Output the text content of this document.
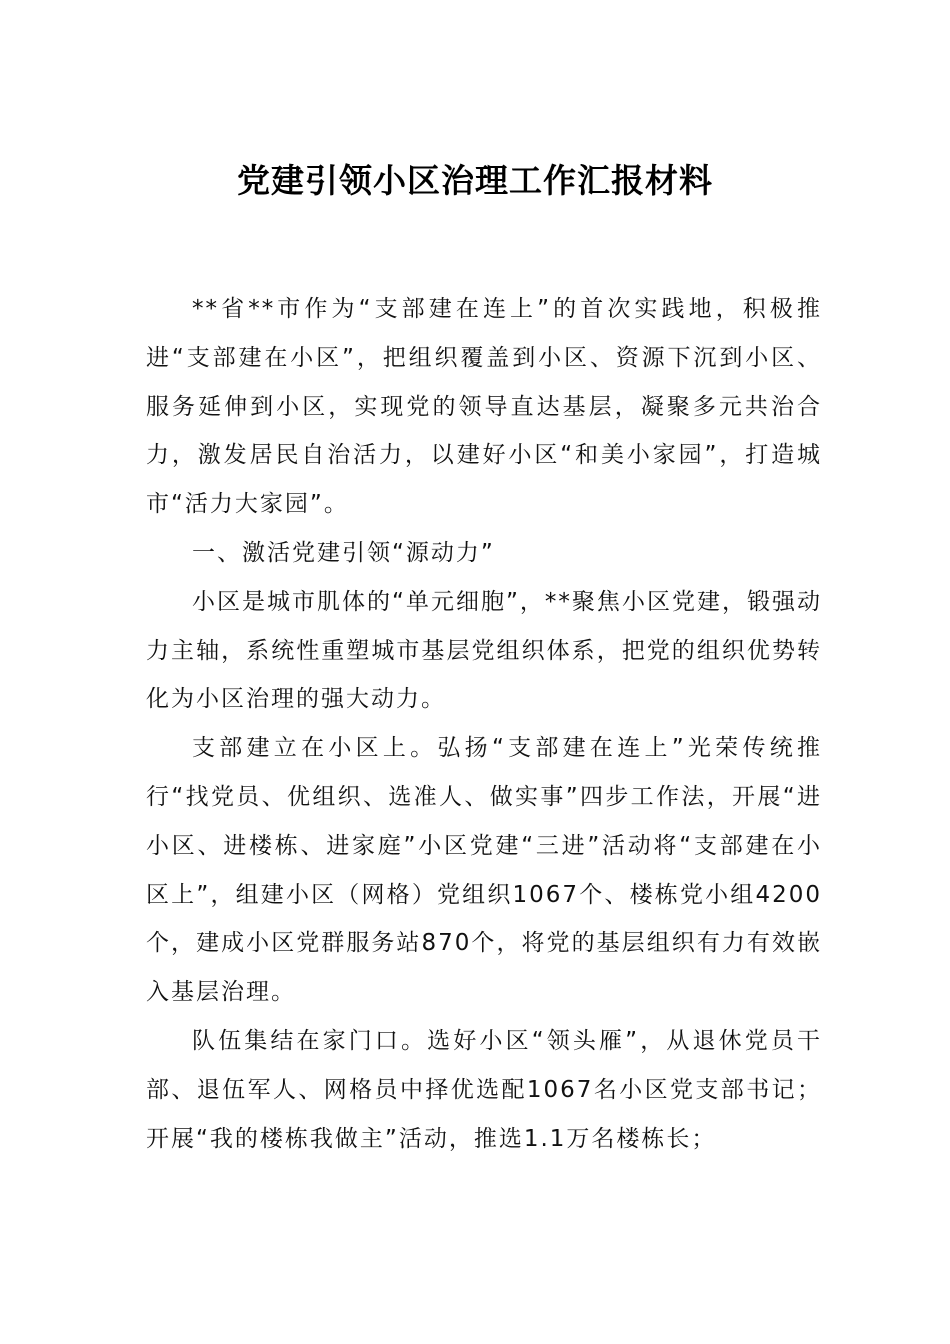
党建引领小区治理工作汇报材料

**省**市作为“支部建在连上”的首次实践地，积极推进“支部建在小区”，把组织覆盖到小区、资源下沉到小区、服务延伸到小区，实现党的领导直达基层，凝聚多元共治合力，激发居民自治活力，以建好小区“和美小家园”，打造城市“活力大家园”。

一、激活党建引领“源动力”

小区是城市肌体的“单元细胞”，**聚焦小区党建，锻强动力主轴，系统性重塑城市基层党组织体系，把党的组织优势转化为小区治理的强大动力。

支部建立在小区上。弘扬“支部建在连上”光荣传统推行“找党员、优组织、选准人、做实事”四步工作法，开展“进小区、进楼栋、进家庭”小区党建“三进”活动将“支部建在小区上”，组建小区（网格）党组织1067个、楼栋党小组4200个，建成小区党群服务站870个，将党的基层组织有力有效嵌入基层治理。

队伍集结在家门口。选好小区“领头雁”，从退休党员干部、退伍军人、网格员中择优选配1067名小区党支部书记；开展“我的楼栋我做主”活动，推选1.1万名楼栋长；
